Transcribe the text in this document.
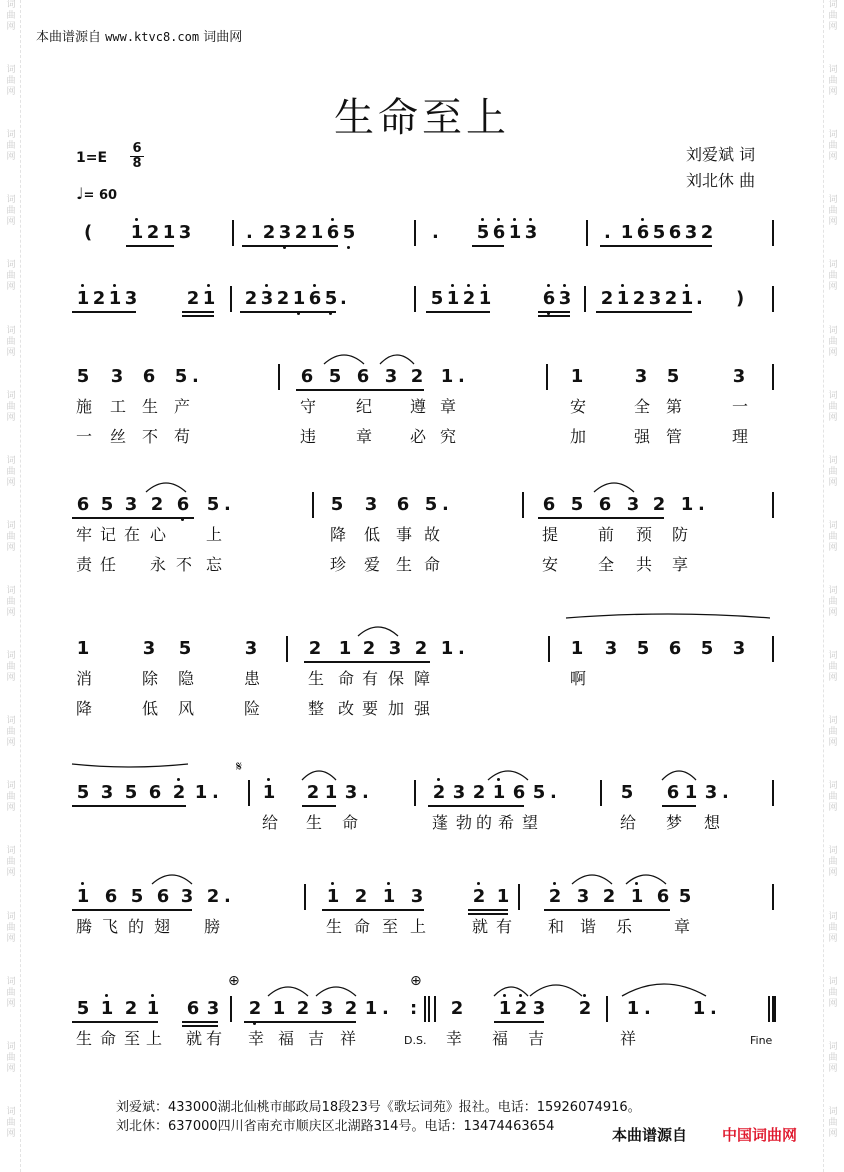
词
曲
网
词
曲
网
词
曲
网
词
曲
网
词
曲
网
词
曲
网
词
曲
网
词
曲
网
词
曲
网
词
曲
网
词
曲
网
词
曲
网
词
曲
网
词
曲
网
词
曲
网
词
曲
网
词
曲
网
词
曲
网
词
曲
网
词
曲
网
词
曲
网
词
曲
网
词
曲
网
词
曲
网
词
曲
网
词
曲
网
词
曲
网
词
曲
网
词
曲
网
词
曲
网
词
曲
网
词
曲
网
词
曲
网
词
曲
网
词
曲
网
词
曲
网
本曲谱源自 www.ktvc8.com 词曲网
生命至上
1=E
6
8
♩= 60
刘爱斌 词
刘北休 曲
( 1 2 1 3	. 2 3 2 1 6 5	. 5 6 1 3	. 1 6 5 6 3 2
1 2 1 3	2 1 2 3 2 1 6 5 .	5 1 2 1	6 3 2 1 2 3 2 1 . )
5 3 6 5 .	6 5 6 3 2 1 .	1	3 5	3
施 工 生 产	守 纪 遵 章	安	全 第	一
一 丝 不 苟	违 章 必 究	加	强 管	理
6 5 3 2 6 5 .	5 3 6 5 .	6 5 6 3 2 1 .
牢 记 在 心 上	降 低 事 故	提 前 预 防
责 任 永 不 忘	珍 爱 生 命	安 全 共 享
1	3 5	3	2 1 2 3 2 1 .	1 3 5 6 5 3
消	除 隐	患	生 命 有 保 障	啊
降	低 风	险	整 改 要 加 强
5 3 5 6 2 1 . 1 2 1 3 .	2 3 2 1 6 5 .	5 6 1 3 .
给 生 命	蓬 勃 的 希 望	给 梦 想
1 6 5 6 3 2 .	1 2 1 3	2 1 2 3 2 1 6 5
腾 飞 的 翅 膀	生 命 至 上	就 有 和 谐 乐	章
5 1 2 1 6 3 2 1 2 3 2 1 .	2 1 2 3 2 1 . 1 .
生 命 至 上 就 有 幸 福 吉 祥	幸 福 吉	祥
D.S.	Fine
:
⊕	⊕
𝄋
刘爱斌：433000湖北仙桃市邮政局18段23号《歌坛词苑》报社。电话：15926074916。
刘北休：637000四川省南充市顺庆区北湖路314号。电话：13474463654	本曲谱源自 中国词曲网
